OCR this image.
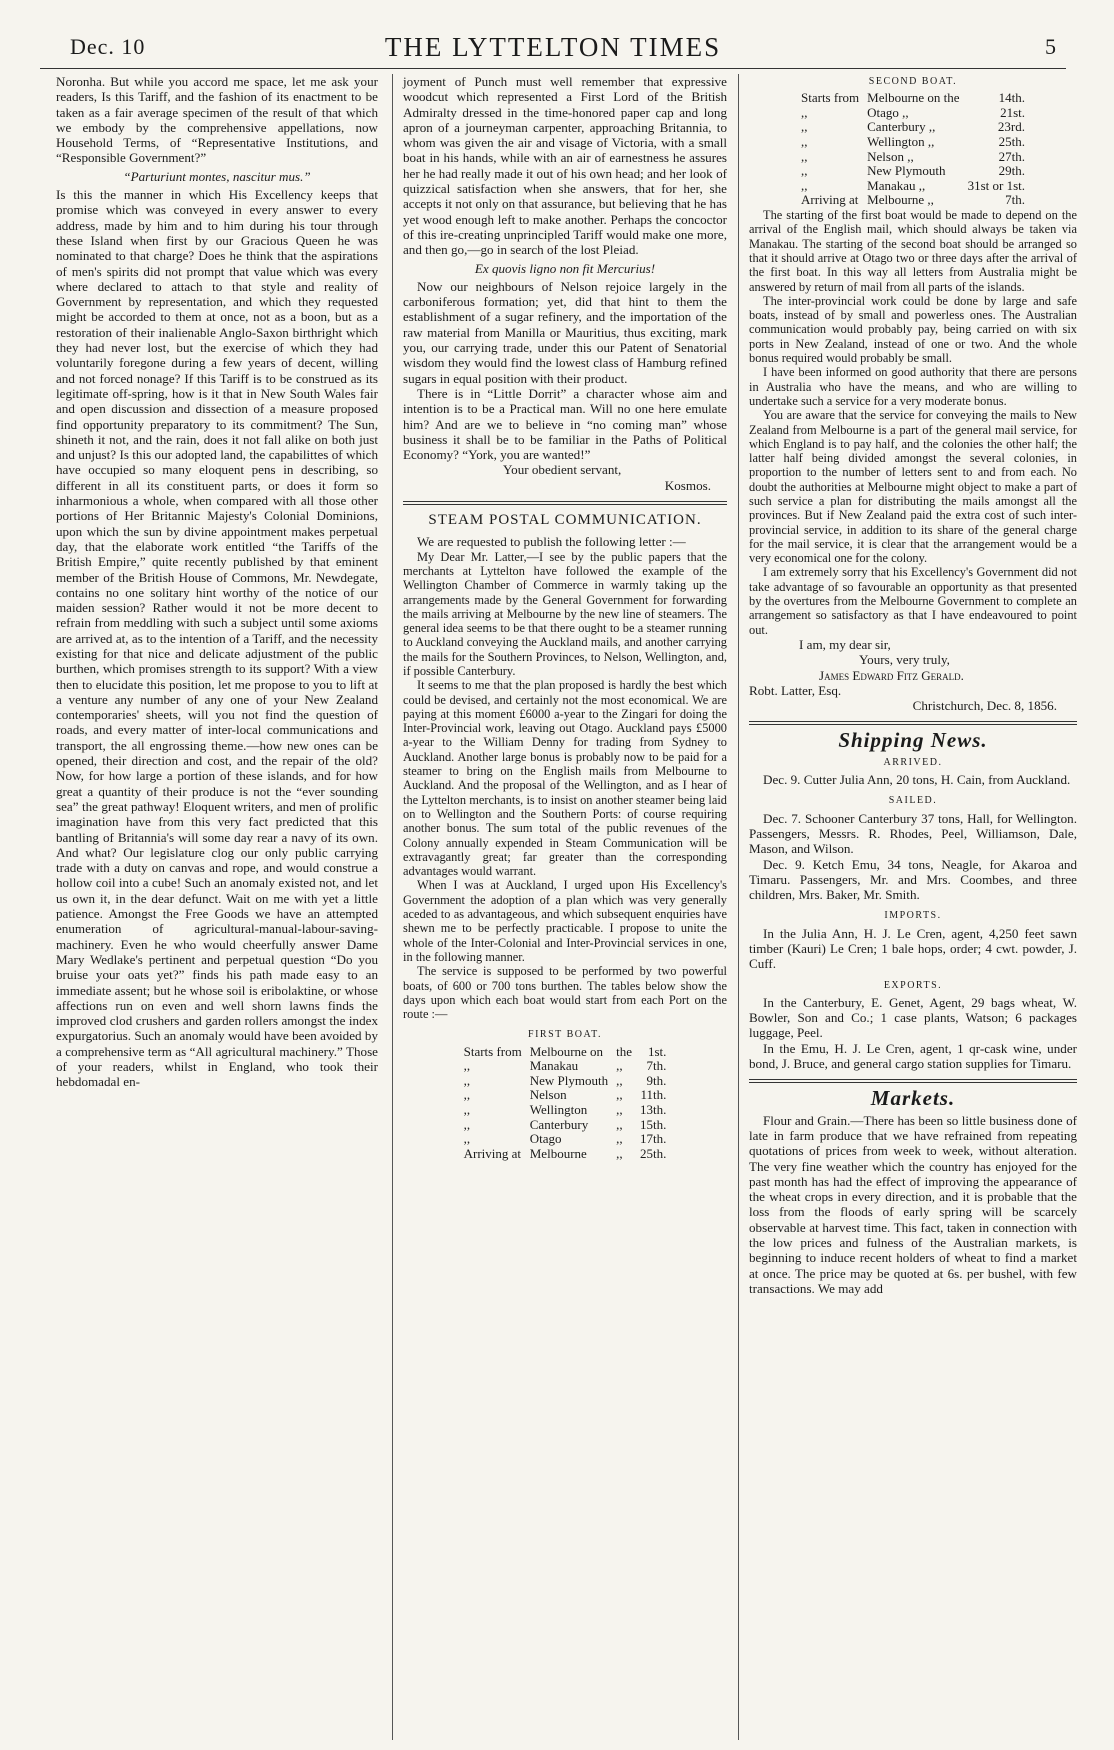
Dec. 10	THE LYTTELTON TIMES	5

Noronha. But while you accord me space, let me ask your readers, Is this Tariff, and the fashion of its enactment to be taken as a fair average specimen of the result of that which we embody by the comprehensive appellations, now Household Terms, of “Representative Institutions, and “Responsible Government?”

“Parturiunt montes, nascitur mus.”

Is this the manner in which His Excellency keeps that promise which was conveyed in every answer to every address, made by him and to him during his tour through these Island when first by our Gracious Queen he was nominated to that charge? Does he think that the aspirations of men's spirits did not prompt that value which was every where declared to attach to that style and reality of Government by representation, and which they requested might be accorded to them at once, not as a boon, but as a restoration of their inalienable Anglo-Saxon birthright which they had never lost, but the exercise of which they had voluntarily foregone during a few years of decent, willing and not forced nonage? If this Tariff is to be construed as its legitimate off-spring, how is it that in New South Wales fair and open discussion and dissection of a measure proposed find opportunity preparatory to its commitment? The Sun, shineth it not, and the rain, does it not fall alike on both just and unjust? Is this our adopted land, the capabilittes of which have occupied so many eloquent pens in describing, so different in all its constituent parts, or does it form so inharmonious a whole, when compared with all those other portions of Her Britannic Majesty's Colonial Dominions, upon which the sun by divine appointment makes perpetual day, that the elaborate work entitled “the Tariffs of the British Empire,” quite recently published by that eminent member of the British House of Commons, Mr. Newdegate, contains no one solitary hint worthy of the notice of our maiden session? Rather would it not be more decent to refrain from meddling with such a subject until some axioms are arrived at, as to the intention of a Tariff, and the necessity existing for that nice and delicate adjustment of the public burthen, which promises strength to its support? With a view then to elucidate this position, let me propose to you to lift at a venture any number of any one of your New Zealand contemporaries' sheets, will you not find the question of roads, and every matter of inter-local communications and transport, the all engrossing theme.—how new ones can be opened, their direction and cost, and the repair of the old? Now, for how large a portion of these islands, and for how great a quantity of their produce is not the “ever sounding sea” the great pathway! Eloquent writers, and men of prolific imagination have from this very fact predicted that this bantling of Britannia's will some day rear a navy of its own. And what? Our legislature clog our only public carrying trade with a duty on canvas and rope, and would construe a hollow coil into a cube! Such an anomaly existed not, and let us own it, in the dear defunct. Wait on me with yet a little patience. Amongst the Free Goods we have an attempted enumeration of agricultural-manual-labour-saving-machinery. Even he who would cheerfully answer Dame Mary Wedlake's pertinent and perpetual question “Do you bruise your oats yet?” finds his path made easy to an immediate assent; but he whose soil is eribolaktine, or whose affections run on even and well shorn lawns finds the improved clod crushers and garden rollers amongst the index expurgatorius. Such an anomaly would have been avoided by a comprehensive term as “All agricultural machinery.” Those of your readers, whilst in England, who took their hebdomadal en-

joyment of Punch must well remember that expressive woodcut which represented a First Lord of the British Admiralty dressed in the time-honored paper cap and long apron of a journeyman carpenter, approaching Britannia, to whom was given the air and visage of Victoria, with a small boat in his hands, while with an air of earnestness he assures her he had really made it out of his own head; and her look of quizzical satisfaction when she answers, that for her, she accepts it not only on that assurance, but believing that he has yet wood enough left to make another. Perhaps the concoctor of this ire-creating unprincipled Tariff would make one more, and then go,—go in search of the lost Pleiad.

Ex quovis ligno non fit Mercurius!

Now our neighbours of Nelson rejoice largely in the carboniferous formation; yet, did that hint to them the establishment of a sugar refinery, and the importation of the raw material from Manilla or Mauritius, thus exciting, mark you, our carrying trade, under this our Patent of Senatorial wisdom they would find the lowest class of Hamburg refined sugars in equal position with their product.

There is in “Little Dorrit” a character whose aim and intention is to be a Practical man. Will no one here emulate him? And are we to believe in “no coming man” whose business it shall be to be familiar in the Paths of Political Economy? “York, you are wanted!”

Your obedient servant,

Kosmos.

STEAM POSTAL COMMUNICATION.

We are requested to publish the following letter :—

My Dear Mr. Latter,—I see by the public papers that the merchants at Lyttelton have followed the example of the Wellington Chamber of Commerce in warmly taking up the arrangements made by the General Government for forwarding the mails arriving at Melbourne by the new line of steamers. The general idea seems to be that there ought to be a steamer running to Auckland conveying the Auckland mails, and another carrying the mails for the Southern Provinces, to Nelson, Wellington, and, if possible Canterbury.

It seems to me that the plan proposed is hardly the best which could be devised, and certainly not the most economical. We are paying at this moment £6000 a-year to the Zingari for doing the Inter-Provincial work, leaving out Otago. Auckland pays £5000 a-year to the William Denny for trading from Sydney to Auckland. Another large bonus is probably now to be paid for a steamer to bring on the English mails from Melbourne to Auckland. And the proposal of the Wellington, and as I hear of the Lyttelton merchants, is to insist on another steamer being laid on to Wellington and the Southern Ports: of course requiring another bonus. The sum total of the public revenues of the Colony annually expended in Steam Communication will be extravagantly great; far greater than the corresponding advantages would warrant.

When I was at Auckland, I urged upon His Excellency's Government the adoption of a plan which was very generally aceded to as advantageous, and which subsequent enquiries have shewn me to be perfectly practicable. I propose to unite the whole of the Inter-Colonial and Inter-Provincial services in one, in the following manner.

The service is supposed to be performed by two powerful boats, of 600 or 700 tons burthen. The tables below show the days upon which each boat would start from each Port on the route :—

FIRST BOAT.

Starts from	Melbourne on	the	1st.
,,	Manakau	,,	7th.
,,	New Plymouth	,,	9th.
,,	Nelson	,,	11th.
,,	Wellington	,,	13th.
,,	Canterbury	,,	15th.
,,	Otago	,,	17th.
Arriving at	Melbourne	,,	25th.

SECOND BOAT.

Starts from	Melbourne on the	14th.
,,	Otago ,,	21st.
,,	Canterbury ,,	23rd.
,,	Wellington ,,	25th.
,,	Nelson ,,	27th.
,,	New Plymouth	29th.
,,	Manakau ,,	31st or 1st.
Arriving at	Melbourne ,,	7th.

The starting of the first boat would be made to depend on the arrival of the English mail, which should always be taken via Manakau. The starting of the second boat should be arranged so that it should arrive at Otago two or three days after the arrival of the first boat. In this way all letters from Australia might be answered by return of mail from all parts of the islands.

The inter-provincial work could be done by large and safe boats, instead of by small and powerless ones. The Australian communication would probably pay, being carried on with six ports in New Zealand, instead of one or two. And the whole bonus required would probably be small.

I have been informed on good authority that there are persons in Australia who have the means, and who are willing to undertake such a service for a very moderate bonus.

You are aware that the service for conveying the mails to New Zealand from Melbourne is a part of the general mail service, for which England is to pay half, and the colonies the other half; the latter half being divided amongst the several colonies, in proportion to the number of letters sent to and from each. No doubt the authorities at Melbourne might object to make a part of such service a plan for distributing the mails amongst all the provinces. But if New Zealand paid the extra cost of such inter-provincial service, in addition to its share of the general charge for the mail service, it is clear that the arrangement would be a very economical one for the colony.

I am extremely sorry that his Excellency's Government did not take advantage of so favourable an opportunity as that presented by the overtures from the Melbourne Government to complete an arrangement so satisfactory as that I have endeavoured to point out.

I am, my dear sir,

Yours, very truly,

James Edward Fitz Gerald.

Robt. Latter, Esq.

Christchurch, Dec. 8, 1856.

Shipping News.

ARRIVED.

Dec. 9. Cutter Julia Ann, 20 tons, H. Cain, from Auckland.

SAILED.

Dec. 7. Schooner Canterbury 37 tons, Hall, for Wellington. Passengers, Messrs. R. Rhodes, Peel, Williamson, Dale, Mason, and Wilson.

Dec. 9. Ketch Emu, 34 tons, Neagle, for Akaroa and Timaru. Passengers, Mr. and Mrs. Coombes, and three children, Mrs. Baker, Mr. Smith.

IMPORTS.

In the Julia Ann, H. J. Le Cren, agent, 4,250 feet sawn timber (Kauri) Le Cren; 1 bale hops, order; 4 cwt. powder, J. Cuff.

EXPORTS.

In the Canterbury, E. Genet, Agent, 29 bags wheat, W. Bowler, Son and Co.; 1 case plants, Watson; 6 packages luggage, Peel.

In the Emu, H. J. Le Cren, agent, 1 qr-cask wine, under bond, J. Bruce, and general cargo station supplies for Timaru.

Markets.

Flour and Grain.—There has been so little business done of late in farm produce that we have refrained from repeating quotations of prices from week to week, without alteration. The very fine weather which the country has enjoyed for the past month has had the effect of improving the appearance of the wheat crops in every direction, and it is probable that the loss from the floods of early spring will be scarcely observable at harvest time. This fact, taken in connection with the low prices and fulness of the Australian markets, is beginning to induce recent holders of wheat to find a market at once. The price may be quoted at 6s. per bushel, with few transactions. We may add
